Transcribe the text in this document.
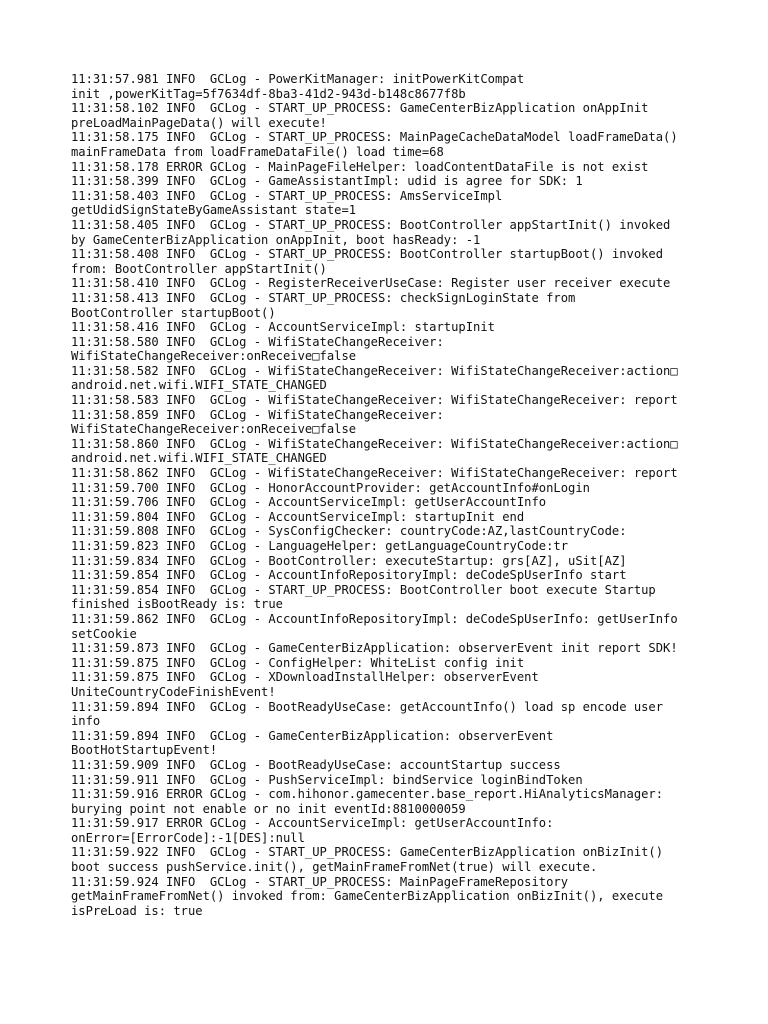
11:31:57.981 INFO  GCLog - PowerKitManager: initPowerKitCompat
init ,powerKitTag=5f7634df-8ba3-41d2-943d-b148c8677f8b
11:31:58.102 INFO  GCLog - START_UP_PROCESS: GameCenterBizApplication onAppInit
preLoadMainPageData() will execute!
11:31:58.175 INFO  GCLog - START_UP_PROCESS: MainPageCacheDataModel loadFrameData()
mainFrameData from loadFrameDataFile() load time=68
11:31:58.178 ERROR GCLog - MainPageFileHelper: loadContentDataFile is not exist
11:31:58.399 INFO  GCLog - GameAssistantImpl: udid is agree for SDK: 1
11:31:58.403 INFO  GCLog - START_UP_PROCESS: AmsServiceImpl
getUdidSignStateByGameAssistant state=1
11:31:58.405 INFO  GCLog - START_UP_PROCESS: BootController appStartInit() invoked
by GameCenterBizApplication onAppInit, boot hasReady: -1
11:31:58.408 INFO  GCLog - START_UP_PROCESS: BootController startupBoot() invoked
from: BootController appStartInit()
11:31:58.410 INFO  GCLog - RegisterReceiverUseCase: Register user receiver execute
11:31:58.413 INFO  GCLog - START_UP_PROCESS: checkSignLoginState from
BootController startupBoot()
11:31:58.416 INFO  GCLog - AccountServiceImpl: startupInit
11:31:58.580 INFO  GCLog - WifiStateChangeReceiver:
WifiStateChangeReceiver:onReceive□false
11:31:58.582 INFO  GCLog - WifiStateChangeReceiver: WifiStateChangeReceiver:action□
android.net.wifi.WIFI_STATE_CHANGED
11:31:58.583 INFO  GCLog - WifiStateChangeReceiver: WifiStateChangeReceiver: report
11:31:58.859 INFO  GCLog - WifiStateChangeReceiver:
WifiStateChangeReceiver:onReceive□false
11:31:58.860 INFO  GCLog - WifiStateChangeReceiver: WifiStateChangeReceiver:action□
android.net.wifi.WIFI_STATE_CHANGED
11:31:58.862 INFO  GCLog - WifiStateChangeReceiver: WifiStateChangeReceiver: report
11:31:59.700 INFO  GCLog - HonorAccountProvider: getAccountInfo#onLogin
11:31:59.706 INFO  GCLog - AccountServiceImpl: getUserAccountInfo
11:31:59.804 INFO  GCLog - AccountServiceImpl: startupInit end
11:31:59.808 INFO  GCLog - SysConfigChecker: countryCode:AZ,lastCountryCode:
11:31:59.823 INFO  GCLog - LanguageHelper: getLanguageCountryCode:tr
11:31:59.834 INFO  GCLog - BootController: executeStartup: grs[AZ], uSit[AZ]
11:31:59.854 INFO  GCLog - AccountInfoRepositoryImpl: deCodeSpUserInfo start
11:31:59.854 INFO  GCLog - START_UP_PROCESS: BootController boot execute Startup
finished isBootReady is: true
11:31:59.862 INFO  GCLog - AccountInfoRepositoryImpl: deCodeSpUserInfo: getUserInfo
setCookie
11:31:59.873 INFO  GCLog - GameCenterBizApplication: observerEvent init report SDK!
11:31:59.875 INFO  GCLog - ConfigHelper: WhiteList config init
11:31:59.875 INFO  GCLog - XDownloadInstallHelper: observerEvent
UniteCountryCodeFinishEvent!
11:31:59.894 INFO  GCLog - BootReadyUseCase: getAccountInfo() load sp encode user
info
11:31:59.894 INFO  GCLog - GameCenterBizApplication: observerEvent
BootHotStartupEvent!
11:31:59.909 INFO  GCLog - BootReadyUseCase: accountStartup success
11:31:59.911 INFO  GCLog - PushServiceImpl: bindService loginBindToken
11:31:59.916 ERROR GCLog - com.hihonor.gamecenter.base_report.HiAnalyticsManager:
burying point not enable or no init eventId:8810000059
11:31:59.917 ERROR GCLog - AccountServiceImpl: getUserAccountInfo:
onError=[ErrorCode]:-1[DES]:null
11:31:59.922 INFO  GCLog - START_UP_PROCESS: GameCenterBizApplication onBizInit()
boot success pushService.init(), getMainFrameFromNet(true) will execute.
11:31:59.924 INFO  GCLog - START_UP_PROCESS: MainPageFrameRepository
getMainFrameFromNet() invoked from: GameCenterBizApplication onBizInit(), execute
isPreLoad is: true
